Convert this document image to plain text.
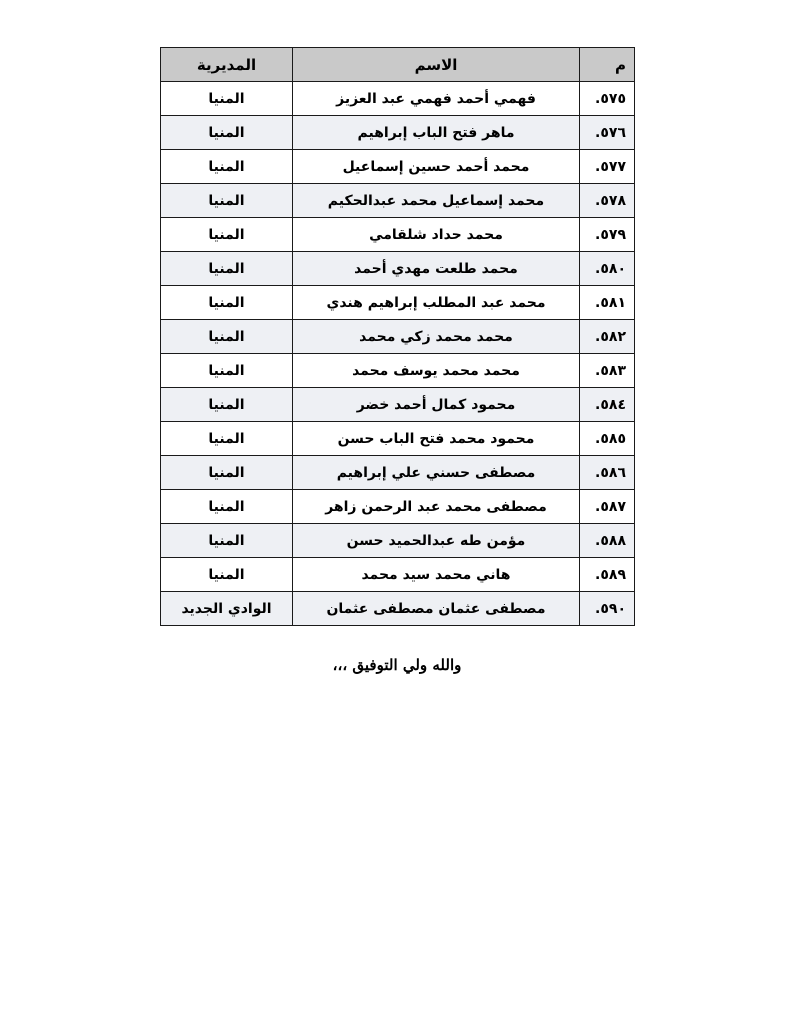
م	الاسم	المديرية
٥٧٥.	فهمي أحمد فهمي عبد العزيز	المنيا
٥٧٦.	ماهر فتح الباب إبراهيم	المنيا
٥٧٧.	محمد أحمد حسين إسماعيل	المنيا
٥٧٨.	محمد إسماعيل محمد عبدالحكيم	المنيا
٥٧٩.	محمد حداد شلقامي	المنيا
٥٨٠.	محمد طلعت مهدي أحمد	المنيا
٥٨١.	محمد عبد المطلب إبراهيم هندي	المنيا
٥٨٢.	محمد محمد زكي محمد	المنيا
٥٨٣.	محمد محمد يوسف محمد	المنيا
٥٨٤.	محمود كمال أحمد خضر	المنيا
٥٨٥.	محمود محمد فتح الباب حسن	المنيا
٥٨٦.	مصطفى حسني علي إبراهيم	المنيا
٥٨٧.	مصطفى محمد عبد الرحمن زاهر	المنيا
٥٨٨.	مؤمن طه عبدالحميد حسن	المنيا
٥٨٩.	هاني محمد سيد محمد	المنيا
٥٩٠.	مصطفى عثمان مصطفى عثمان	الوادي الجديد
والله ولي التوفيق ،،،
